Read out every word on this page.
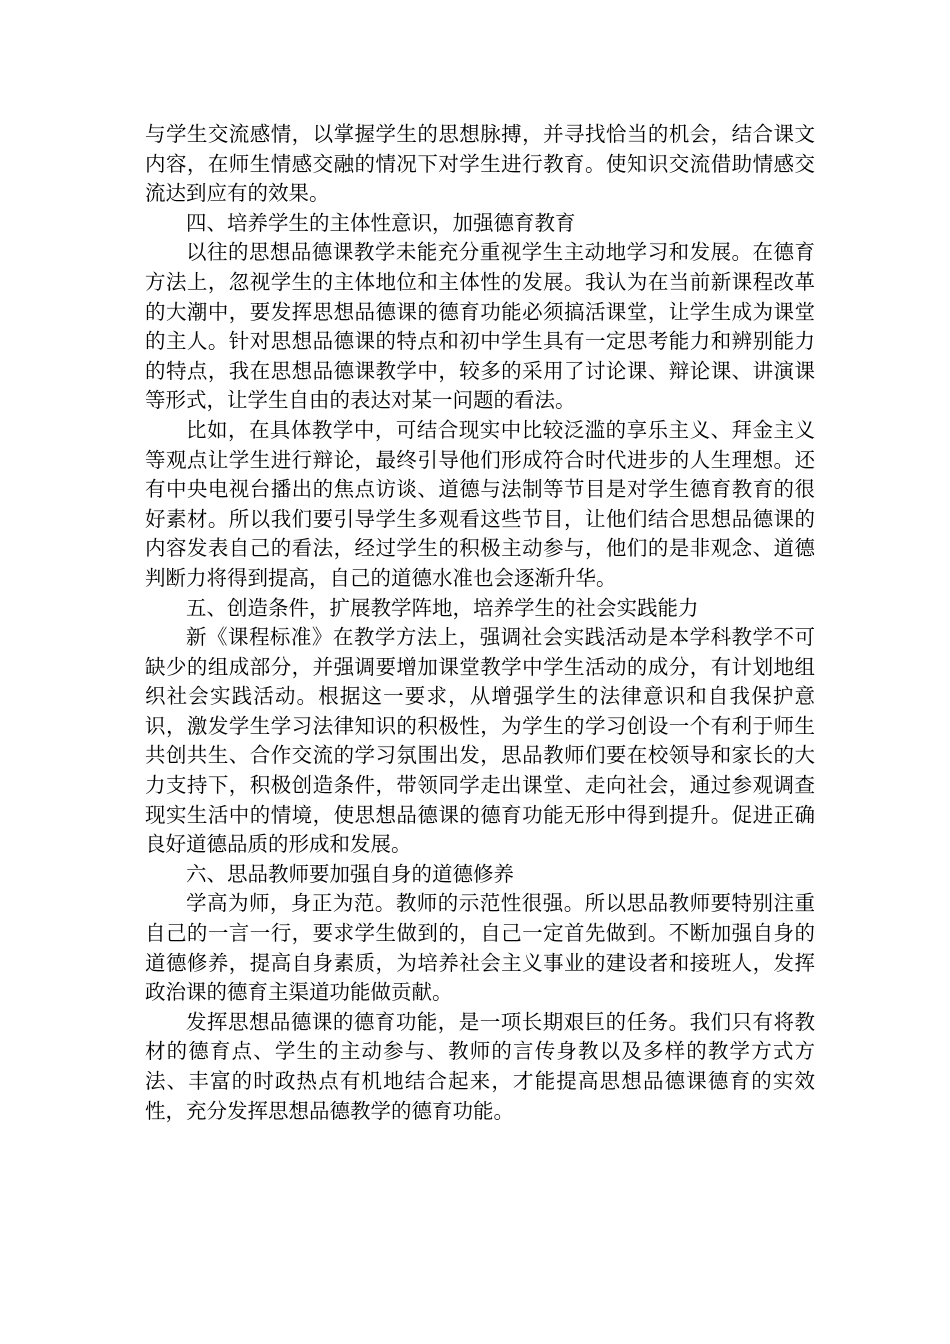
与学生交流感情，以掌握学生的思想脉搏，并寻找恰当的机会，结合课文内容，在师生情感交融的情况下对学生进行教育。使知识交流借助情感交流达到应有的效果。

四、培养学生的主体性意识，加强德育教育

以往的思想品德课教学未能充分重视学生主动地学习和发展。在德育方法上，忽视学生的主体地位和主体性的发展。我认为在当前新课程改革的大潮中，要发挥思想品德课的德育功能必须搞活课堂，让学生成为课堂的主人。针对思想品德课的特点和初中学生具有一定思考能力和辨别能力的特点，我在思想品德课教学中，较多的采用了讨论课、辩论课、讲演课等形式，让学生自由的表达对某一问题的看法。

比如，在具体教学中，可结合现实中比较泛滥的享乐主义、拜金主义等观点让学生进行辩论，最终引导他们形成符合时代进步的人生理想。还有中央电视台播出的焦点访谈、道德与法制等节目是对学生德育教育的很好素材。所以我们要引导学生多观看这些节目，让他们结合思想品德课的内容发表自己的看法，经过学生的积极主动参与，他们的是非观念、道德判断力将得到提高，自己的道德水准也会逐渐升华。

五、创造条件，扩展教学阵地，培养学生的社会实践能力

新《课程标准》在教学方法上，强调社会实践活动是本学科教学不可缺少的组成部分，并强调要增加课堂教学中学生活动的成分，有计划地组织社会实践活动。根据这一要求，从增强学生的法律意识和自我保护意识，激发学生学习法律知识的积极性，为学生的学习创设一个有利于师生共创共生、合作交流的学习氛围出发，思品教师们要在校领导和家长的大力支持下，积极创造条件，带领同学走出课堂、走向社会，通过参观调查现实生活中的情境，使思想品德课的德育功能无形中得到提升。促进正确良好道德品质的形成和发展。

六、思品教师要加强自身的道德修养

学高为师，身正为范。教师的示范性很强。所以思品教师要特别注重自己的一言一行，要求学生做到的，自己一定首先做到。不断加强自身的道德修养，提高自身素质，为培养社会主义事业的建设者和接班人，发挥政治课的德育主渠道功能做贡献。

发挥思想品德课的德育功能，是一项长期艰巨的任务。我们只有将教材的德育点、学生的主动参与、教师的言传身教以及多样的教学方式方法、丰富的时政热点有机地结合起来，才能提高思想品德课德育的实效性，充分发挥思想品德教学的德育功能。
